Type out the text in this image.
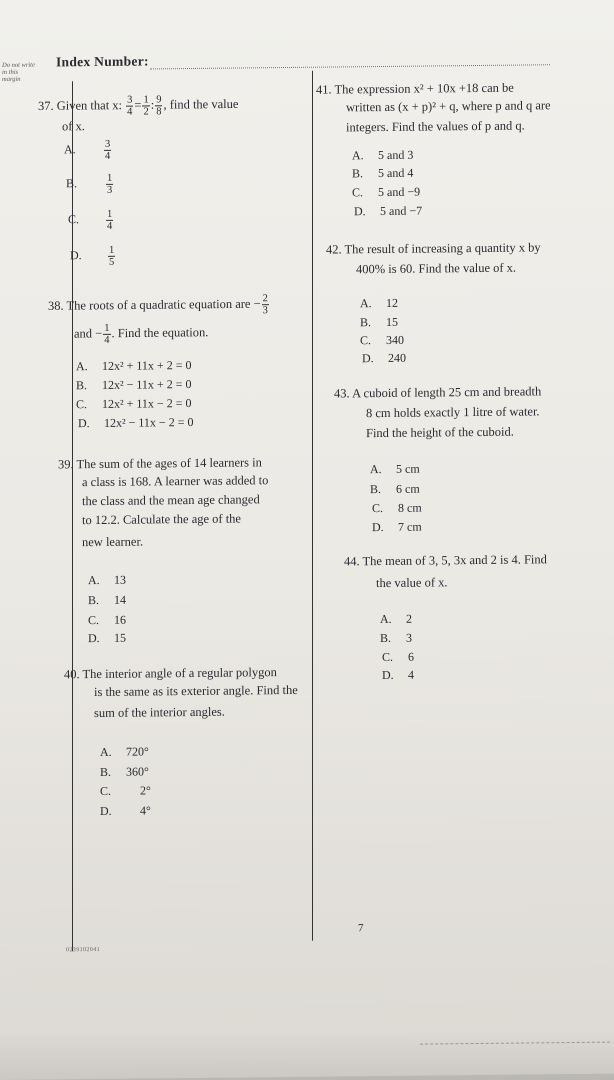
Do not write in this margin
Index Number:
37. Given that x: $\frac{3}{4} = \frac{1}{2}$ : $\frac{9}{8}$ , find the value
of x.
A.	$\frac{3}{4}$
B.	$\frac{1}{3}$
C.	$\frac{1}{4}$
D.	$\frac{1}{5}$
38. The roots of a quadratic equation are − $\frac{2}{3}$
and − $\frac{1}{4}$ . Find the equation.
A. 12x² + 11x + 2 = 0
B. 12x² − 11x + 2 = 0
C. 12x² + 11x − 2 = 0
D. 12x² − 11x − 2 = 0
39. The sum of the ages of 14 learners in
a class is 168. A learner was added to
the class and the mean age changed
to 12.2. Calculate the age of the
new learner.
A. 13
B. 14
C. 16
D. 15
40. The interior angle of a regular polygon
is the same as its exterior angle. Find the
sum of the interior angles.
A. 720°
B. 360°
C. 2°
D. 4°
41. The expression x² + 10x +18 can be
written as (x + p)² + q, where p and q are
integers. Find the values of p and q.
A. 5 and 3
B. 5 and 4
C. 5 and −9
D. 5 and −7
42. The result of increasing a quantity x by
400% is 60. Find the value of x.
A. 12
B. 15
C. 340
D. 240
43. A cuboid of length 25 cm and breadth
8 cm holds exactly 1 litre of water.
Find the height of the cuboid.
A. 5 cm
B. 6 cm
C. 8 cm
D. 7 cm
44. The mean of 3, 5, 3x and 2 is 4. Find
the value of x.
A. 2
B. 3
C. 6
D. 4
7
0239102041
